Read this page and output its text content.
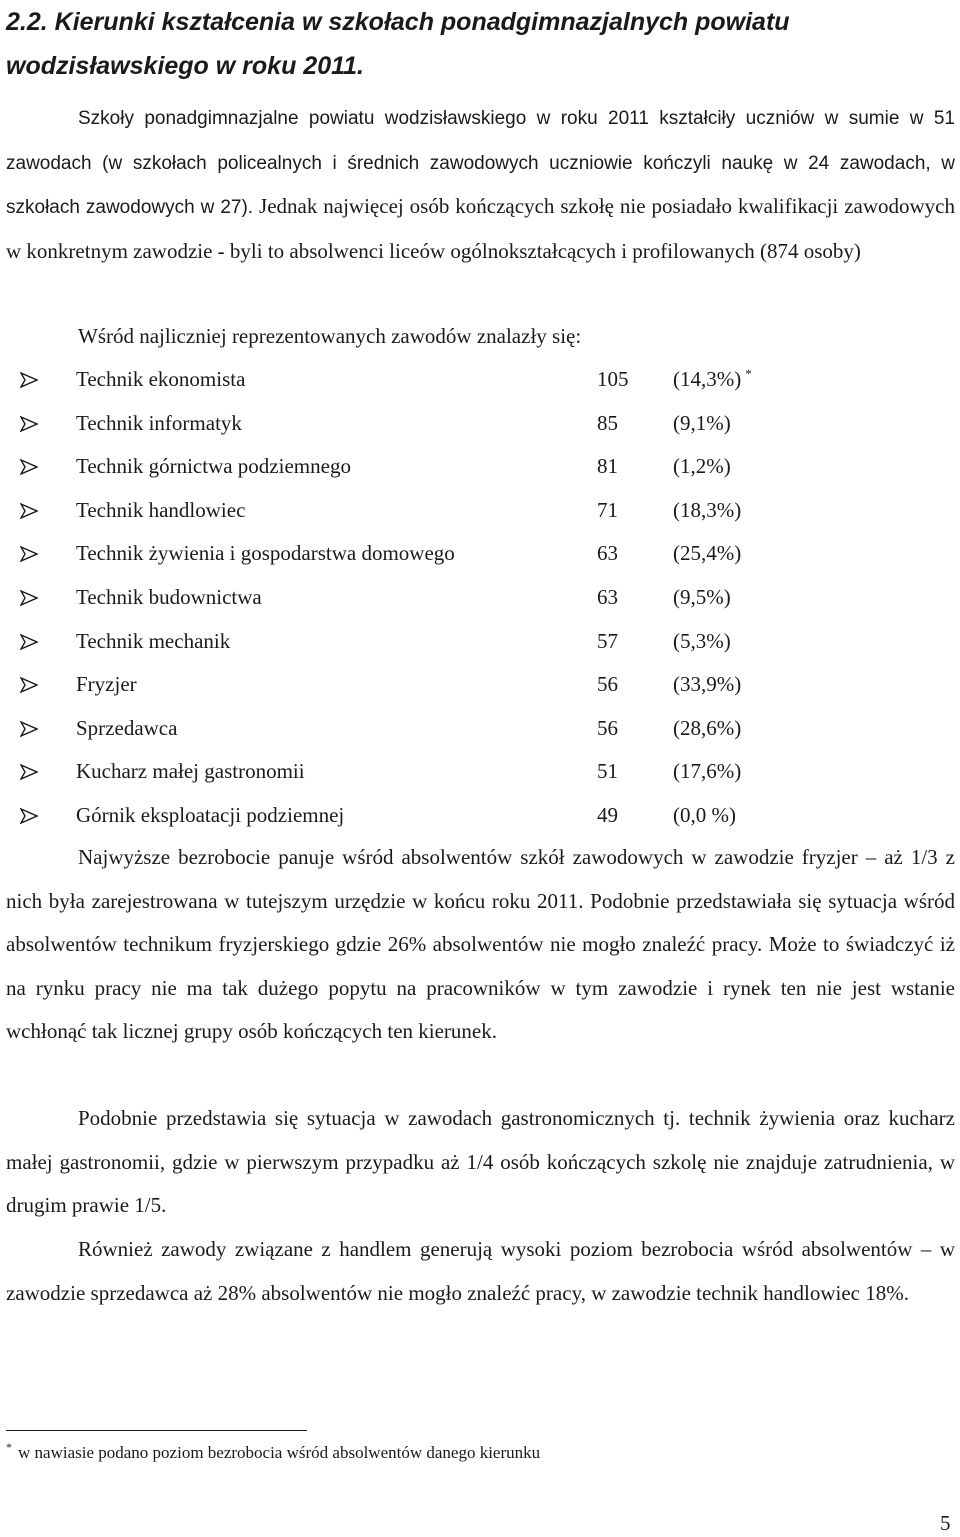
2.2. Kierunki kształcenia w szkołach ponadgimnazjalnych powiatu
wodzisławskiego w roku 2011.

Szkoły ponadgimnazjalne powiatu wodzisławskiego w roku 2011 kształciły uczniów w sumie w 51 zawodach (w szkołach policealnych i średnich zawodowych uczniowie kończyli naukę w 24 zawodach, w szkołach zawodowych w 27). Jednak najwięcej osób kończących szkołę nie posiadało kwalifikacji zawodowych w konkretnym zawodzie - byli to absolwenci liceów ogólnokształcących i profilowanych (874 osoby)

Wśród najliczniej reprezentowanych zawodów znalazły się:

Technik ekonomista	105 (14,3%) *
Technik informatyk	85	(9,1%)
Technik górnictwa podziemnego	81	(1,2%)
Technik handlowiec	71	(18,3%)
Technik żywienia i gospodarstwa domowego	63	(25,4%)
Technik budownictwa	63	(9,5%)
Technik mechanik	57	(5,3%)
Fryzjer	56	(33,9%)
Sprzedawca	56	(28,6%)
Kucharz małej gastronomii	51	(17,6%)
Górnik eksploatacji podziemnej	49	(0,0 %)

Najwyższe bezrobocie panuje wśród absolwentów szkół zawodowych w zawodzie fryzjer – aż 1/3 z nich była zarejestrowana w tutejszym urzędzie w końcu roku 2011. Podobnie przedstawiała się sytuacja wśród absolwentów technikum fryzjerskiego gdzie 26% absolwentów nie mogło znaleźć pracy. Może to świadczyć iż na rynku pracy nie ma tak dużego popytu na pracowników w tym zawodzie i rynek ten nie jest wstanie wchłonąć tak licznej grupy osób kończących ten kierunek.

Podobnie przedstawia się sytuacja w zawodach gastronomicznych tj. technik żywienia oraz kucharz małej gastronomii, gdzie w pierwszym przypadku aż 1/4 osób kończących szkolę nie znajduje zatrudnienia, w drugim prawie 1/5.

Również zawody związane z handlem generują wysoki poziom bezrobocia wśród absolwentów – w zawodzie sprzedawca aż 28% absolwentów nie mogło znaleźć pracy, w zawodzie technik handlowiec 18%.

* w nawiasie podano poziom bezrobocia wśród absolwentów danego kierunku

5
